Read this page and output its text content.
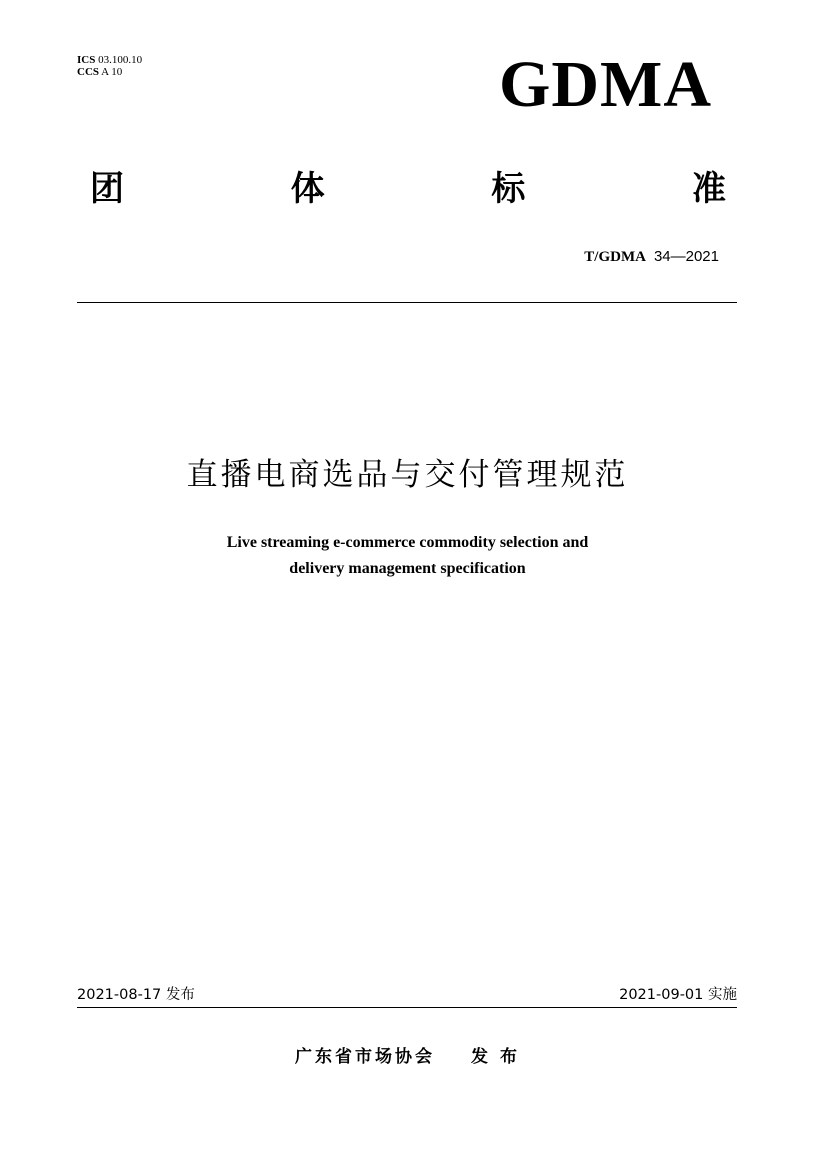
ICS 03.100.10
CCS A 10	GDMA
团	体	标	准
T/GDMA 34—2021
直播电商选品与交付管理规范
Live streaming e-commerce commodity selection and
delivery management specification
2021-08-17 发布	2021-09-01 实施
广东省市场协会 发 布
